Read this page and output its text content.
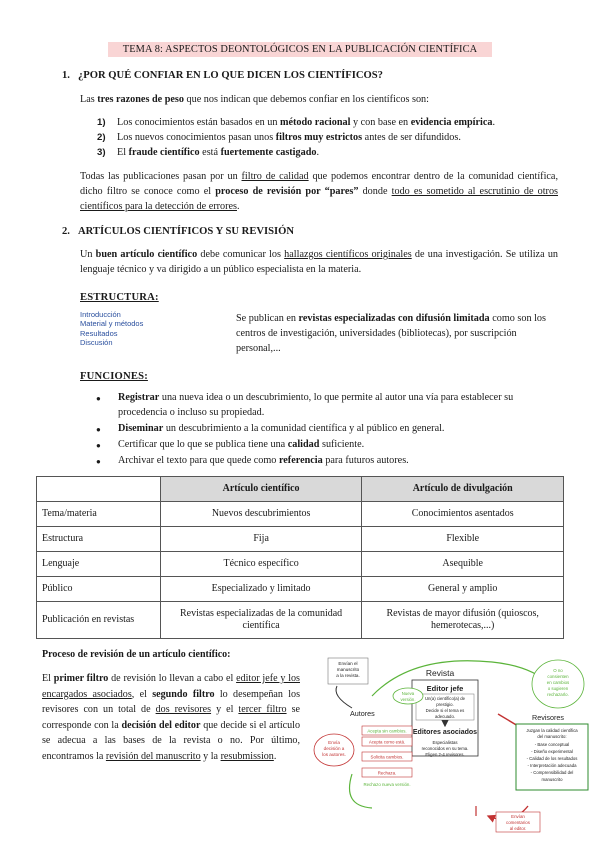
TEMA 8: ASPECTOS DEONTOLÓGICOS EN LA PUBLICACIÓN CIENTÍFICA
1. ¿POR QUÉ CONFIAR EN LO QUE DICEN LOS CIENTÍFICOS?
Las tres razones de peso que nos indican que debemos confiar en los científicos son:
1)	Los conocimientos están basados en un método racional y con base en evidencia empírica.
2)	Los nuevos conocimientos pasan unos filtros muy estrictos antes de ser difundidos.
3)	El fraude científico está fuertemente castigado.
Todas las publicaciones pasan por un filtro de calidad que podemos encontrar dentro de la comunidad científica, dicho filtro se conoce como el proceso de revisión por “pares” donde todo es sometido al escrutinio de otros científicos para la detección de errores.
2. ARTÍCULOS CIENTÍFICOS Y SU REVISIÓN
Un buen artículo científico debe comunicar los hallazgos científicos originales de una investigación. Se utiliza un lenguaje técnico y va dirigido a un público especialista en la materia.
ESTRUCTURA:
Introducción
Material y métodos
Resultados
Discusión
Se publican en revistas especializadas con difusión limitada como son los centros de investigación, universidades (bibliotecas), por suscripción personal,...
FUNCIONES:
●	Registrar una nueva idea o un descubrimiento, lo que permite al autor una vía para establecer su procedencia o incluso su propiedad.
●	Diseminar un descubrimiento a la comunidad científica y al público en general.
●	Certificar que lo que se publica tiene una calidad suficiente.
●	Archivar el texto para que quede como referencia para futuros autores.
	Artículo científico	Artículo de divulgación
Tema/materia	Nuevos descubrimientos	Conocimientos asentados
Estructura	Fija	Flexible
Lenguaje	Técnico específico	Asequible
Público	Especializado y limitado	General y amplio
Publicación en revistas	Revistas especializadas de la comunidad científica	Revistas de mayor difusión (quioscos, hemerotecas,...)
Proceso de revisión de un artículo científico:
El primer filtro de revisión lo llevan a cabo el editor jefe y los encargados asociados, el segundo filtro lo desempeñan los revisores con un total de dos revisores y el tercer filtro se corresponde con la decisión del editor que decide si el artículo se adecua a las bases de la revista o no. Por último, encontramos la revisión del manuscrito y la resubmission.
Envían el
manuscrito
a la revista.	Revista
Editor jefe
Un(a) científico(a) de
prestigio.
Decide si el tema es
adecuado.
Editores asociados
Especialistas
reconocidos en su tema.
Eligen 2-4 revisores.
Autores
Nueva
versión.
Envía
decisión a
los autores.
Acepta sin cambios.
Acepta como está.
Solicita cambios.
Rechaza.
Rechazo nueva versión.
O no
consienten
en cambios
o sugieren
rechazarlo.
Revisores
Juzgan la calidad científica
del manuscrito:
- Base conceptual
- Diseño experimental
- Calidad de los resultados
- Interpretación adecuada
- Comprensibilidad del
manuscrito
Envían
comentarios
al editor.
